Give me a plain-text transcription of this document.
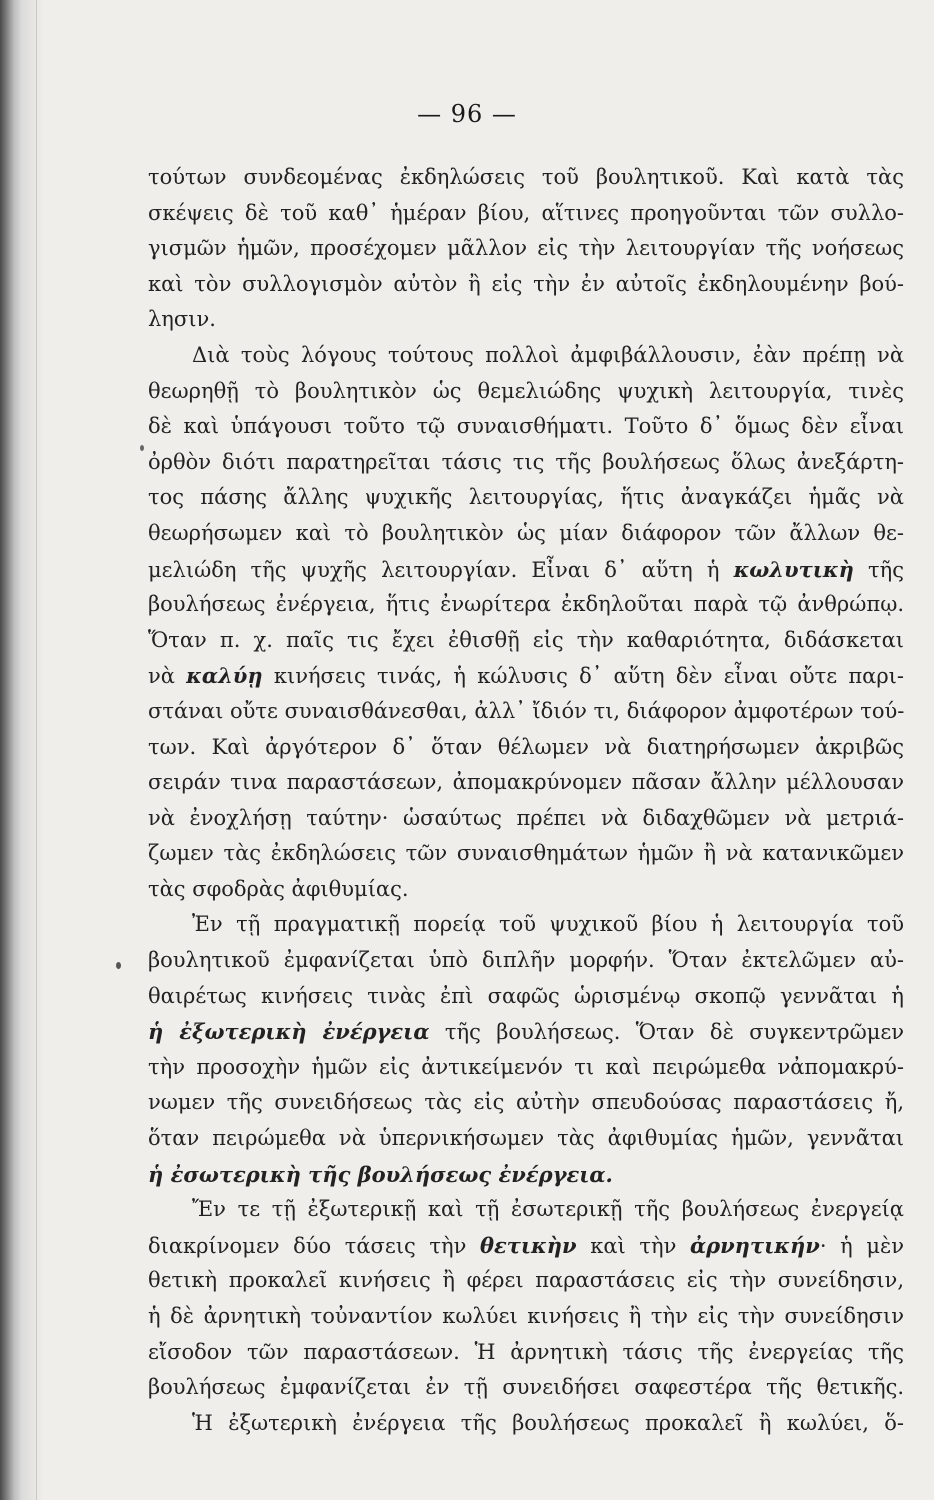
— 96 —
τούτων συνδεομένας ἐκδηλώσεις τοῦ βουλητικοῦ. Καὶ κατὰ τὰς
σκέψεις δὲ τοῦ καθ᾿ ἡμέραν βίου, αἵτινες προηγοῦνται τῶν συλλο-
γισμῶν ἡμῶν, προσέχομεν μᾶλλον εἰς τὴν λειτουργίαν τῆς νοήσεως
καὶ τὸν συλλογισμὸν αὐτὸν ἢ εἰς τὴν ἐν αὐτοῖς ἐκδηλουμένην βού-
λησιν.
Διὰ τοὺς λόγους τούτους πολλοὶ ἀμφιβάλλουσιν, ἐὰν πρέπῃ νὰ
θεωρηθῇ τὸ βουλητικὸν ὡς θεμελιώδης ψυχικὴ λειτουργία, τινὲς
δὲ καὶ ὑπάγουσι τοῦτο τῷ συναισθήματι. Τοῦτο δ᾿ ὅμως δὲν εἶναι
ὀρθὸν διότι παρατηρεῖται τάσις τις τῆς βουλήσεως ὅλως ἀνεξάρτη-
τος πάσης ἄλλης ψυχικῆς λειτουργίας, ἥτις ἀναγκάζει ἡμᾶς νὰ
θεωρήσωμεν καὶ τὸ βουλητικὸν ὡς μίαν διάφορον τῶν ἄλλων θε-
μελιώδη τῆς ψυχῆς λειτουργίαν. Εἶναι δ᾿ αὕτη ἡ κωλυτικὴ τῆς
βουλήσεως ἐνέργεια, ἥτις ἐνωρίτερα ἐκδηλοῦται παρὰ τῷ ἀνθρώπῳ.
Ὅταν π. χ. παῖς τις ἔχει ἐθισθῇ εἰς τὴν καθαριότητα, διδάσκεται
νὰ καλύῃ κινήσεις τινάς, ἡ κώλυσις δ᾿ αὕτη δὲν εἶναι οὔτε παρι-
στάναι οὔτε συναισθάνεσθαι, ἀλλ᾿ ἴδιόν τι, διάφορον ἀμφοτέρων τού-
των. Καὶ ἀργότερον δ᾿ ὅταν θέλωμεν νὰ διατηρήσωμεν ἀκριβῶς
σειράν τινα παραστάσεων, ἀπομακρύνομεν πᾶσαν ἄλλην μέλλουσαν
νὰ ἐνοχλήσῃ ταύτην· ὡσαύτως πρέπει νὰ διδαχθῶμεν νὰ μετριά-
ζωμεν τὰς ἐκδηλώσεις τῶν συναισθημάτων ἡμῶν ἢ νὰ κατανικῶμεν
τὰς σφοδρὰς ἀφιθυμίας.
Ἐν τῇ πραγματικῇ πορείᾳ τοῦ ψυχικοῦ βίου ἡ λειτουργία τοῦ
βουλητικοῦ ἐμφανίζεται ὑπὸ διπλῆν μορφήν. Ὅταν ἐκτελῶμεν αὐ-
θαιρέτως κινήσεις τινὰς ἐπὶ σαφῶς ὡρισμένῳ σκοπῷ γεννᾶται ἡ
ἡ ἐξωτερικὴ ἐνέργεια τῆς βουλήσεως. Ὅταν δὲ συγκεντρῶμεν
τὴν προσοχὴν ἡμῶν εἰς ἀντικείμενόν τι καὶ πειρώμεθα νἀπομακρύ-
νωμεν τῆς συνειδήσεως τὰς εἰς αὐτὴν σπευδούσας παραστάσεις ἤ,
ὅταν πειρώμεθα νὰ ὑπερνικήσωμεν τὰς ἀφιθυμίας ἡμῶν, γεννᾶται
ἡ ἐσωτερικὴ τῆς βουλήσεως ἐνέργεια.
Ἔν τε τῇ ἐξωτερικῇ καὶ τῇ ἐσωτερικῇ τῆς βουλήσεως ἐνεργείᾳ
διακρίνομεν δύο τάσεις τὴν θετικὴν καὶ τὴν ἀρνητικήν· ἡ μὲν
θετικὴ προκαλεῖ κινήσεις ἢ φέρει παραστάσεις εἰς τὴν συνείδησιν,
ἡ δὲ ἀρνητικὴ τοὐναντίον κωλύει κινήσεις ἢ τὴν εἰς τὴν συνείδησιν
εἴσοδον τῶν παραστάσεων. Ἡ ἀρνητικὴ τάσις τῆς ἐνεργείας τῆς
βουλήσεως ἐμφανίζεται ἐν τῇ συνειδήσει σαφεστέρα τῆς θετικῆς.
Ἡ ἐξωτερικὴ ἐνέργεια τῆς βουλήσεως προκαλεῖ ἢ κωλύει, ὅ-
